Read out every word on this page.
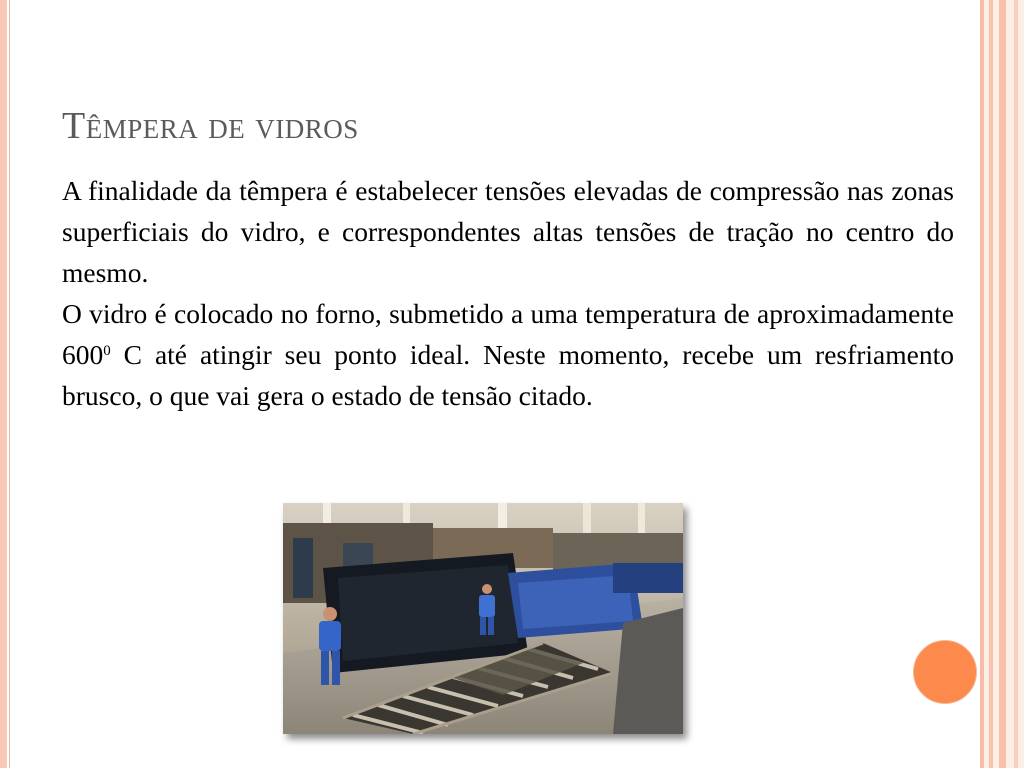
Têmpera de vidros

A finalidade da têmpera é estabelecer tensões elevadas de compressão nas zonas superficiais do vidro, e correspondentes altas tensões de tração no centro do mesmo.

O vidro é colocado no forno, submetido a uma temperatura de aproximadamente $600^0$ C até atingir seu ponto ideal. Neste momento, recebe um resfriamento brusco, o que vai gera o estado de tensão citado.
